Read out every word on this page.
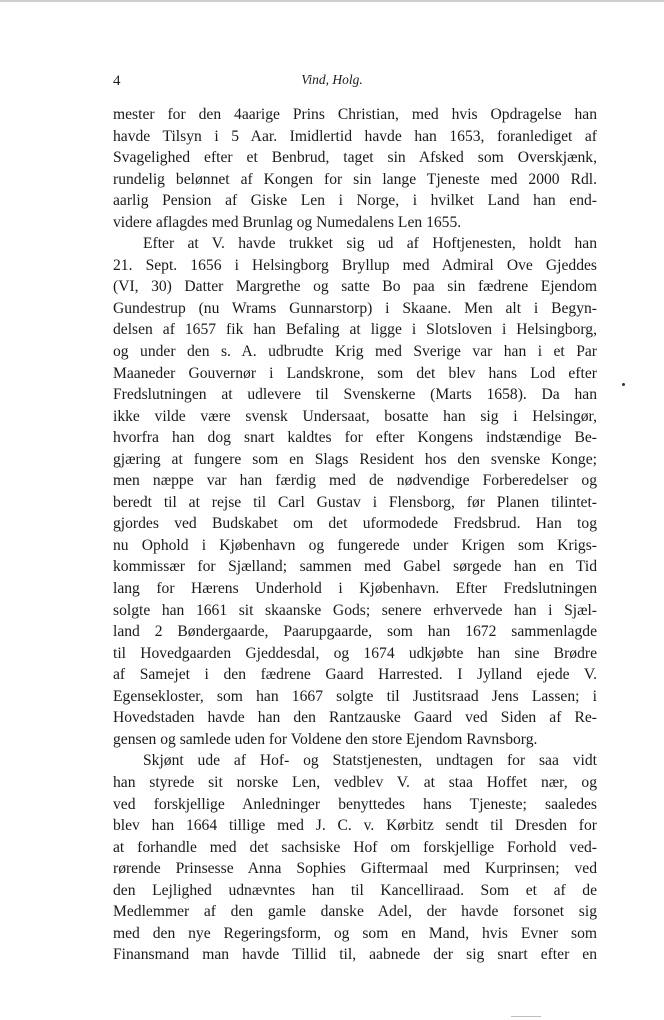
4	Vind, Holg.
mester for den 4aarige Prins Christian, med hvis Opdragelse han
havde Tilsyn i 5 Aar. Imidlertid havde han 1653, foranlediget af
Svagelighed efter et Benbrud, taget sin Afsked som Overskjænk,
rundelig belønnet af Kongen for sin lange Tjeneste med 2000 Rdl.
aarlig Pension af Giske Len i Norge, i hvilket Land han end-
videre aflagdes med Brunlag og Numedalens Len 1655.
Efter at V. havde trukket sig ud af Hoftjenesten, holdt han
21. Sept. 1656 i Helsingborg Bryllup med Admiral Ove Gjeddes
(VI, 30) Datter Margrethe og satte Bo paa sin fædrene Ejendom
Gundestrup (nu Wrams Gunnarstorp) i Skaane. Men alt i Begyn-
delsen af 1657 fik han Befaling at ligge i Slotsloven i Helsingborg,
og under den s. A. udbrudte Krig med Sverige var han i et Par
Maaneder Gouvernør i Landskrone, som det blev hans Lod efter
Fredslutningen at udlevere til Svenskerne (Marts 1658). Da han
ikke vilde være svensk Undersaat, bosatte han sig i Helsingør,
hvorfra han dog snart kaldtes for efter Kongens indstændige Be-
gjæring at fungere som en Slags Resident hos den svenske Konge;
men næppe var han færdig med de nødvendige Forberedelser og
beredt til at rejse til Carl Gustav i Flensborg, før Planen tilintet-
gjordes ved Budskabet om det uformodede Fredsbrud. Han tog
nu Ophold i Kjøbenhavn og fungerede under Krigen som Krigs-
kommissær for Sjælland; sammen med Gabel sørgede han en Tid
lang for Hærens Underhold i Kjøbenhavn. Efter Fredslutningen
solgte han 1661 sit skaanske Gods; senere erhvervede han i Sjæl-
land 2 Bøndergaarde, Paarupgaarde, som han 1672 sammenlagde
til Hovedgaarden Gjeddesdal, og 1674 udkjøbte han sine Brødre
af Samejet i den fædrene Gaard Harrested. I Jylland ejede V.
Egensekloster, som han 1667 solgte til Justitsraad Jens Lassen; i
Hovedstaden havde han den Rantzauske Gaard ved Siden af Re-
gensen og samlede uden for Voldene den store Ejendom Ravnsborg.
Skjønt ude af Hof- og Statstjenesten, undtagen for saa vidt
han styrede sit norske Len, vedblev V. at staa Hoffet nær, og
ved forskjellige Anledninger benyttedes hans Tjeneste; saaledes
blev han 1664 tillige med J. C. v. Kørbitz sendt til Dresden for
at forhandle med det sachsiske Hof om forskjellige Forhold ved-
rørende Prinsesse Anna Sophies Giftermaal med Kurprinsen; ved
den Lejlighed udnævntes han til Kancelliraad. Som et af de
Medlemmer af den gamle danske Adel, der havde forsonet sig
med den nye Regeringsform, og som en Mand, hvis Evner som
Finansmand man havde Tillid til, aabnede der sig snart efter en
